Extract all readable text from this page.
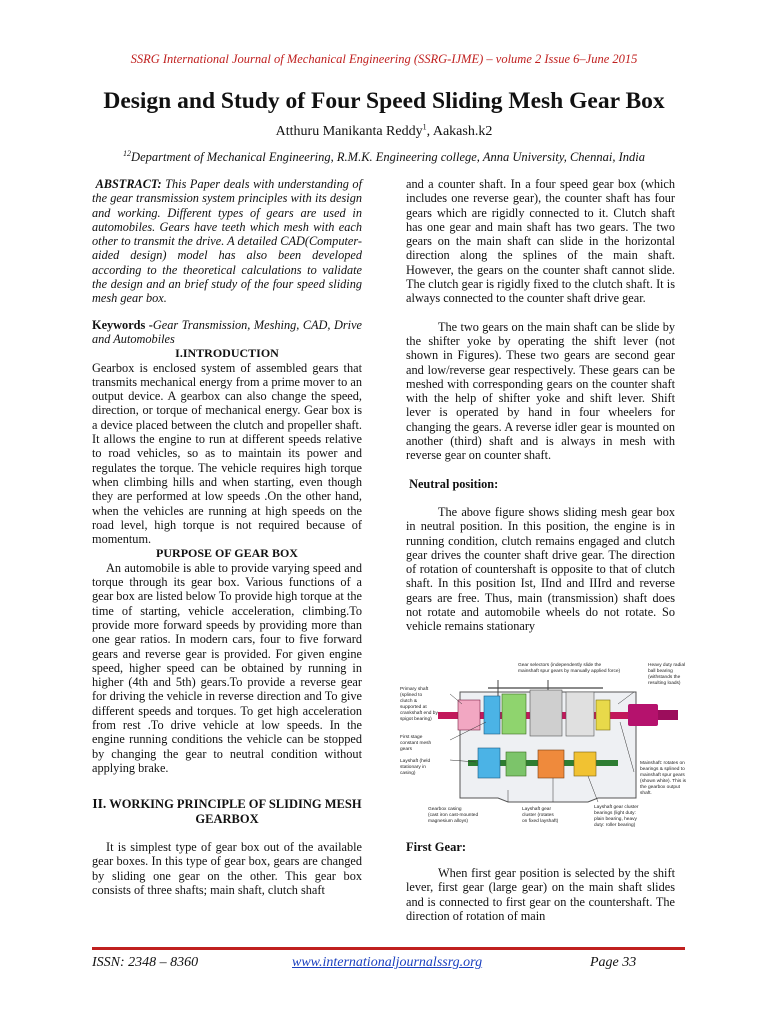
SSRG International Journal of Mechanical Engineering (SSRG-IJME) – volume 2 Issue 6–June 2015
Design and Study of Four Speed Sliding Mesh Gear Box
Atthuru Manikanta Reddy$^1$, Aakash.k2
$^{12}$Department of Mechanical Engineering, R.M.K. Engineering college, Anna University, Chennai, India

ABSTRACT: This Paper deals with understanding of the gear transmission system principles with its design and working. Different types of gears are used in automobiles. Gears have teeth which mesh with each other to transmit the drive. A detailed CAD(Computer-aided design) model has also been developed according to the theoretical calculations to validate the design and an brief study of the four speed sliding mesh gear box.

Keywords -Gear Transmission, Meshing, CAD, Drive and Automobiles

I.INTRODUCTION

Gearbox is enclosed system of assembled gears that transmits mechanical energy from a prime mover to an output device. A gearbox can also change the speed, direction, or torque of mechanical energy. Gear box is a device placed between the clutch and propeller shaft. It allows the engine to run at different speeds relative to road vehicles, so as to maintain its power and regulates the torque. The vehicle requires high torque when climbing hills and when starting, even though they are performed at low speeds .On the other hand, when the vehicles are running at high speeds on the road level, high torque is not required because of momentum.

PURPOSE OF GEAR BOX

An automobile is able to provide varying speed and torque through its gear box. Various functions of a gear box are listed below To provide high torque at the time of starting, vehicle acceleration, climbing.To provide more forward speeds by providing more than one gear ratios. In modern cars, four to five forward gears and reverse gear is provided. For given engine speed, higher speed can be obtained by running in higher (4th and 5th) gears.To provide a reverse gear for driving the vehicle in reverse direction and To give different speeds and torques. To get high acceleration from rest .To drive vehicle at low speeds. In the engine running conditions the vehicle can be stopped by changing the gear to neutral condition without applying brake.

II. WORKING PRINCIPLE OF SLIDING MESH GEARBOX

It is simplest type of gear box out of the available gear boxes. In this type of gear box, gears are changed by sliding one gear on the other. This gear box consists of three shafts; main shaft, clutch shaft

and a counter shaft. In a four speed gear box (which includes one reverse gear), the counter shaft has four gears which are rigidly connected to it. Clutch shaft has one gear and main shaft has two gears. The two gears on the main shaft can slide in the horizontal direction along the splines of the main shaft. However, the gears on the counter shaft cannot slide. The clutch gear is rigidly fixed to the clutch shaft. It is always connected to the counter shaft drive gear.

The two gears on the main shaft can be slide by the shifter yoke by operating the shift lever (not shown in Figures). These two gears are second gear and low/reverse gear respectively. These gears can be meshed with corresponding gears on the counter shaft with the help of shifter yoke and shift lever. Shift lever is operated by hand in four wheelers for changing the gears. A reverse idler gear is mounted on another (third) shaft and is always in mesh with reverse gear on counter shaft.

Neutral position:

The above figure shows sliding mesh gear box in neutral position. In this position, the engine is in running condition, clutch remains engaged and clutch gear drives the counter shaft drive gear. The direction of rotation of countershaft is opposite to that of clutch shaft. In this position Ist, IInd and IIIrd and reverse gears are free. Thus, main (transmission) shaft does not rotate and automobile wheels do not rotate. So vehicle remains stationary

Gear selectors (independently slide the
mainshaft spur gears by manually applied force)
Heavy duty radial
ball bearing
(withstands the
resulting loads)
Primary shaft
(splined to
clutch &
supported at
crankshaft end by
spigot bearing)
First stage
constant mesh
gears
Layshaft (held
stationary in
casing)
Mainshaft: rotates on
bearings & splined to
mainshaft spur gears
(shown white). This is
the gearbox output
shaft.
Gearbox casing
(cast iron cast-mounted
magnesium alloys)
Layshaft gear
cluster (rotates
on fixed layshaft)
Layshaft gear cluster
bearings (light duty:
plain bearing, heavy
duty: roller bearing)
First Gear:

When first gear position is selected by the shift lever, first gear (large gear) on the main shaft slides and is connected to first gear on the countershaft. The direction of rotation of main

ISSN: 2348 – 8360	www.internationaljournalssrg.org	Page 33
